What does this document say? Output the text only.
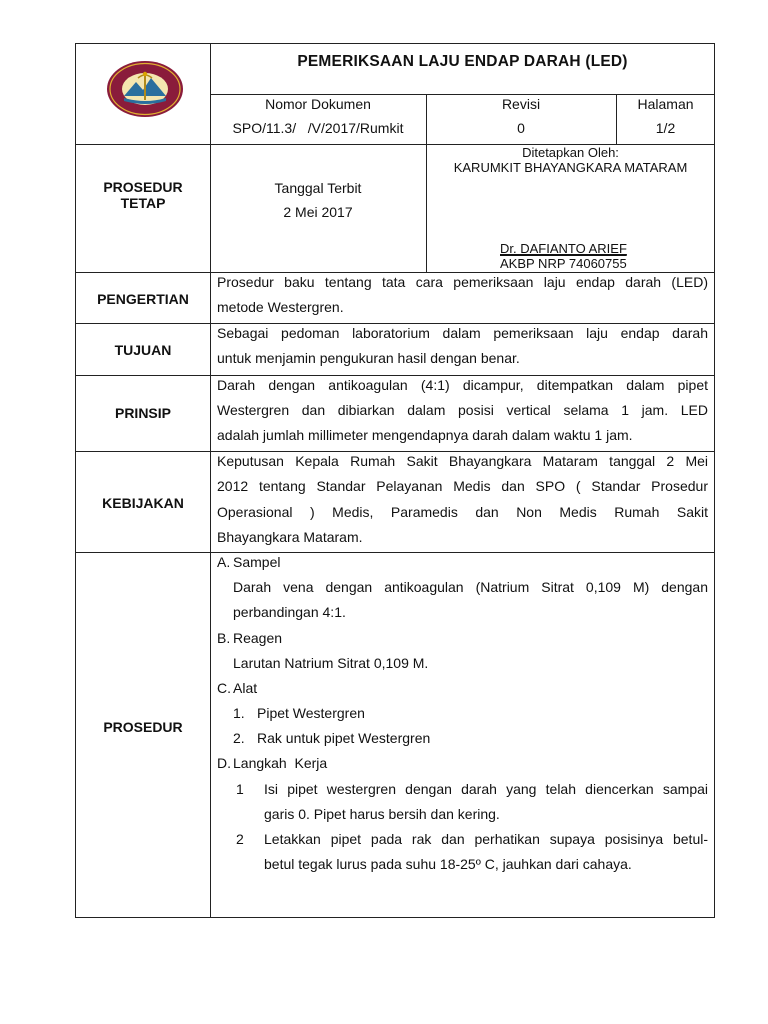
PEMERIKSAAN LAJU ENDAP DARAH (LED)
Nomor Dokumen
SPO/11.3/   /V/2017/Rumkit
Revisi
0
Halaman
1/2
PROSEDUR
TETAP
Tanggal Terbit
2 Mei 2017
Ditetapkan Oleh:
KARUMKIT BHAYANGKARA MATARAM
Dr. DAFIANTO ARIEF
AKBP NRP 74060755
PENGERTIAN
Prosedur baku tentang tata cara pemeriksaan laju endap darah (LED)
metode Westergren.
TUJUAN
Sebagai pedoman laboratorium dalam pemeriksaan laju endap darah
untuk menjamin pengukuran hasil dengan benar.
PRINSIP
Darah dengan antikoagulan (4:1) dicampur, ditempatkan dalam pipet
Westergren dan dibiarkan dalam posisi vertical selama 1 jam. LED
adalah jumlah millimeter mengendapnya darah dalam waktu 1 jam.
KEBIJAKAN
Keputusan Kepala Rumah Sakit Bhayangkara Mataram tanggal 2 Mei
2012 tentang Standar Pelayanan Medis dan SPO ( Standar Prosedur
Operasional ) Medis, Paramedis dan Non Medis Rumah Sakit
Bhayangkara Mataram.
PROSEDUR
A. Sampel
Darah vena dengan antikoagulan (Natrium Sitrat 0,109 M) dengan
perbandingan 4:1.
B. Reagen
Larutan Natrium Sitrat 0,109 M.
C. Alat
1. Pipet Westergren
2. Rak untuk pipet Westergren
D. Langkah  Kerja
1 Isi pipet westergren dengan darah yang telah diencerkan sampai
garis 0. Pipet harus bersih dan kering.
2 Letakkan pipet pada rak dan perhatikan supaya posisinya betul-
betul tegak lurus pada suhu 18-25º C, jauhkan dari cahaya.
